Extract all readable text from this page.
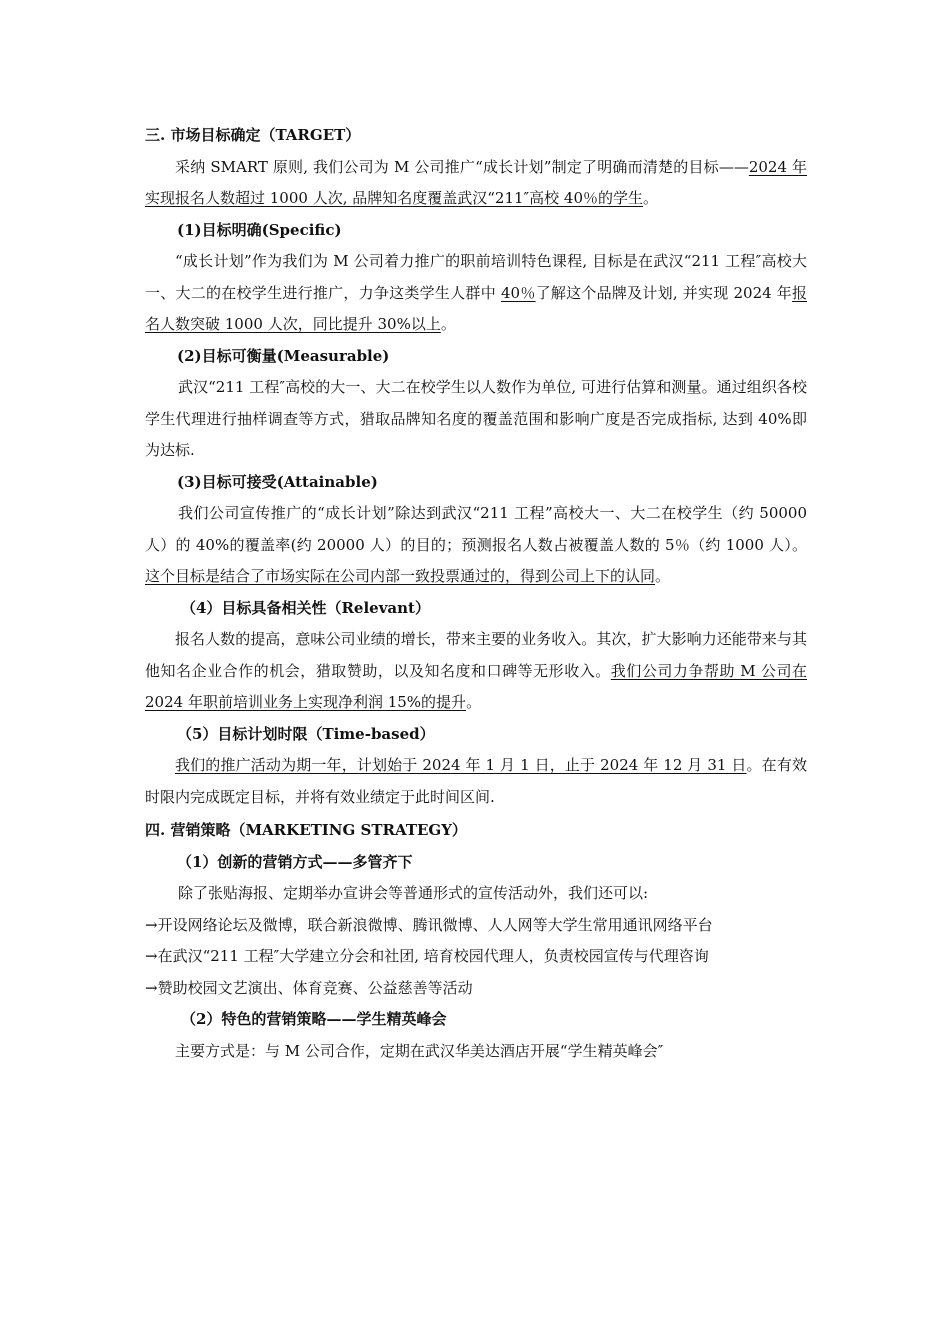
三. 市场目标确定（TARGET）

采纳 SMART 原则, 我们公司为 M 公司推广“成长计划”制定了明确而清楚的目标——2024 年实现报名人数超过 1000 人次, 品牌知名度覆盖武汉“211″高校 40％的学生。

(1)目标明确(Specific)

“成长计划”作为我们为 M 公司着力推广的职前培训特色课程, 目标是在武汉“211 工程″高校大一、大二的在校学生进行推广，力争这类学生人群中 40％了解这个品牌及计划, 并实现 2024 年报名人数突破 1000 人次，同比提升 30%以上。

(2)目标可衡量(Measurable)

武汉“211 工程″高校的大一、大二在校学生以人数作为单位, 可进行估算和测量。通过组织各校学生代理进行抽样调查等方式，猎取品牌知名度的覆盖范围和影响广度是否完成指标, 达到 40%即为达标.

(3)目标可接受(Attainable)

我们公司宣传推广的“成长计划”除达到武汉“211 工程”高校大一、大二在校学生（约 50000 人）的 40%的覆盖率(约 20000 人）的目的；预测报名人数占被覆盖人数的 5％（约 1000 人）。这个目标是结合了市场实际在公司内部一致投票通过的，得到公司上下的认同。

（4）目标具备相关性（Relevant）

报名人数的提高，意味公司业绩的增长，带来主要的业务收入。其次，扩大影响力还能带来与其他知名企业合作的机会，猎取赞助，以及知名度和口碑等无形收入。我们公司力争帮助 M 公司在 2024 年职前培训业务上实现净利润 15%的提升。

（5）目标计划时限（Time-based）

我们的推广活动为期一年，计划始于 2024 年 1 月 1 日，止于 2024 年 12 月 31 日。在有效时限内完成既定目标，并将有效业绩定于此时间区间.

四. 营销策略（MARKETING STRATEGY）
（1）创新的营销方式——多管齐下

除了张贴海报、定期举办宣讲会等普通形式的宣传活动外，我们还可以:

→开设网络论坛及微博，联合新浪微博、腾讯微博、人人网等大学生常用通讯网络平台
→在武汉“211 工程″大学建立分会和社团, 培育校园代理人，负责校园宣传与代理咨询
→赞助校园文艺演出、体育竞赛、公益慈善等活动
（2）特色的营销策略——学生精英峰会

主要方式是：与 M 公司合作，定期在武汉华美达酒店开展“学生精英峰会″
